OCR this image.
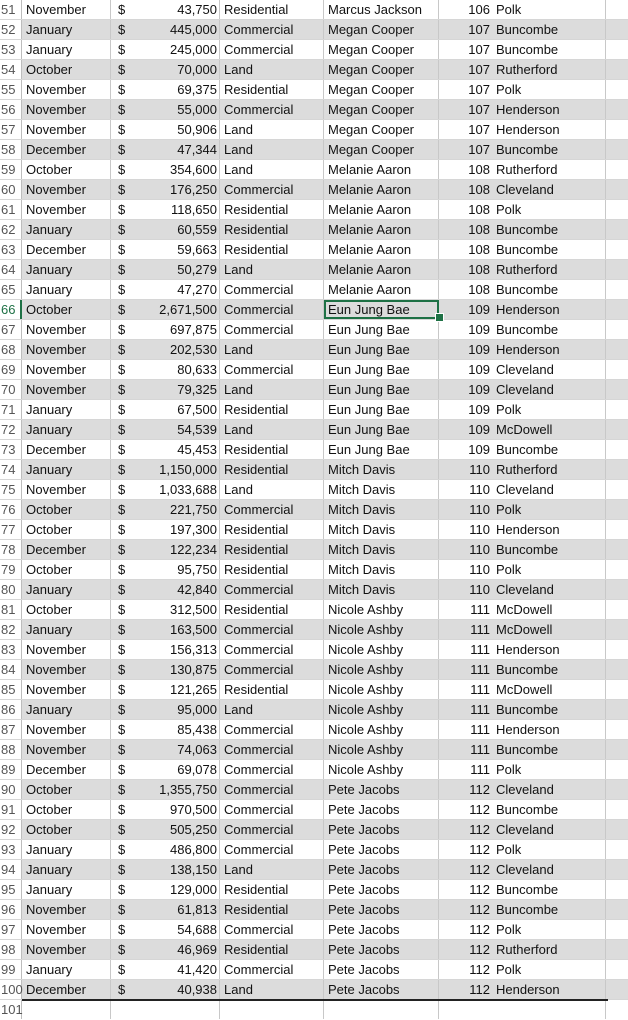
51 November	$	43,750 Residential	Marcus Jackson	106 Polk
52 January	$	445,000 Commercial	Megan Cooper	107 Buncombe
53 January	$	245,000 Commercial	Megan Cooper	107 Buncombe
54 October	$	70,000 Land	Megan Cooper	107 Rutherford
55 November	$	69,375 Residential	Megan Cooper	107 Polk
56 November	$	55,000 Commercial	Megan Cooper	107 Henderson
57 November	$	50,906 Land	Megan Cooper	107 Henderson
58 December	$	47,344 Land	Megan Cooper	107 Buncombe
59 October	$	354,600 Land	Melanie Aaron	108 Rutherford
60 November	$	176,250 Commercial	Melanie Aaron	108 Cleveland
61 November	$	118,650 Residential	Melanie Aaron	108 Polk
62 January	$	60,559 Residential	Melanie Aaron	108 Buncombe
63 December	$	59,663 Residential	Melanie Aaron	108 Buncombe
64 January	$	50,279 Land	Melanie Aaron	108 Rutherford
65 January	$	47,270 Commercial	Melanie Aaron	108 Buncombe
66 October	$	2,671,500 Commercial	Eun Jung Bae	109 Henderson
67 November	$	697,875 Commercial	Eun Jung Bae	109 Buncombe
68 November	$	202,530 Land	Eun Jung Bae	109 Henderson
69 November	$	80,633 Commercial	Eun Jung Bae	109 Cleveland
70 November	$	79,325 Land	Eun Jung Bae	109 Cleveland
71 January	$	67,500 Residential	Eun Jung Bae	109 Polk
72 January	$	54,539 Land	Eun Jung Bae	109 McDowell
73 December	$	45,453 Residential	Eun Jung Bae	109 Buncombe
74 January	$	1,150,000 Residential	Mitch Davis	110 Rutherford
75 November	$	1,033,688 Land	Mitch Davis	110 Cleveland
76 October	$	221,750 Commercial	Mitch Davis	110 Polk
77 October	$	197,300 Residential	Mitch Davis	110 Henderson
78 December	$	122,234 Residential	Mitch Davis	110 Buncombe
79 October	$	95,750 Residential	Mitch Davis	110 Polk
80 January	$	42,840 Commercial	Mitch Davis	110 Cleveland
81 October	$	312,500 Residential	Nicole Ashby	111 McDowell
82 January	$	163,500 Commercial	Nicole Ashby	111 McDowell
83 November	$	156,313 Commercial	Nicole Ashby	111 Henderson
84 November	$	130,875 Commercial	Nicole Ashby	111 Buncombe
85 November	$	121,265 Residential	Nicole Ashby	111 McDowell
86 January	$	95,000 Land	Nicole Ashby	111 Buncombe
87 November	$	85,438 Commercial	Nicole Ashby	111 Henderson
88 November	$	74,063 Commercial	Nicole Ashby	111 Buncombe
89 December	$	69,078 Commercial	Nicole Ashby	111 Polk
90 October	$	1,355,750 Commercial	Pete Jacobs	112 Cleveland
91 October	$	970,500 Commercial	Pete Jacobs	112 Buncombe
92 October	$	505,250 Commercial	Pete Jacobs	112 Cleveland
93 January	$	486,800 Commercial	Pete Jacobs	112 Polk
94 January	$	138,150 Land	Pete Jacobs	112 Cleveland
95 January	$	129,000 Residential	Pete Jacobs	112 Buncombe
96 November	$	61,813 Residential	Pete Jacobs	112 Buncombe
97 November	$	54,688 Commercial	Pete Jacobs	112 Polk
98 November	$	46,969 Residential	Pete Jacobs	112 Rutherford
99 January	$	41,420 Commercial	Pete Jacobs	112 Polk
100 December	$	40,938 Land	Pete Jacobs	112 Henderson
101
